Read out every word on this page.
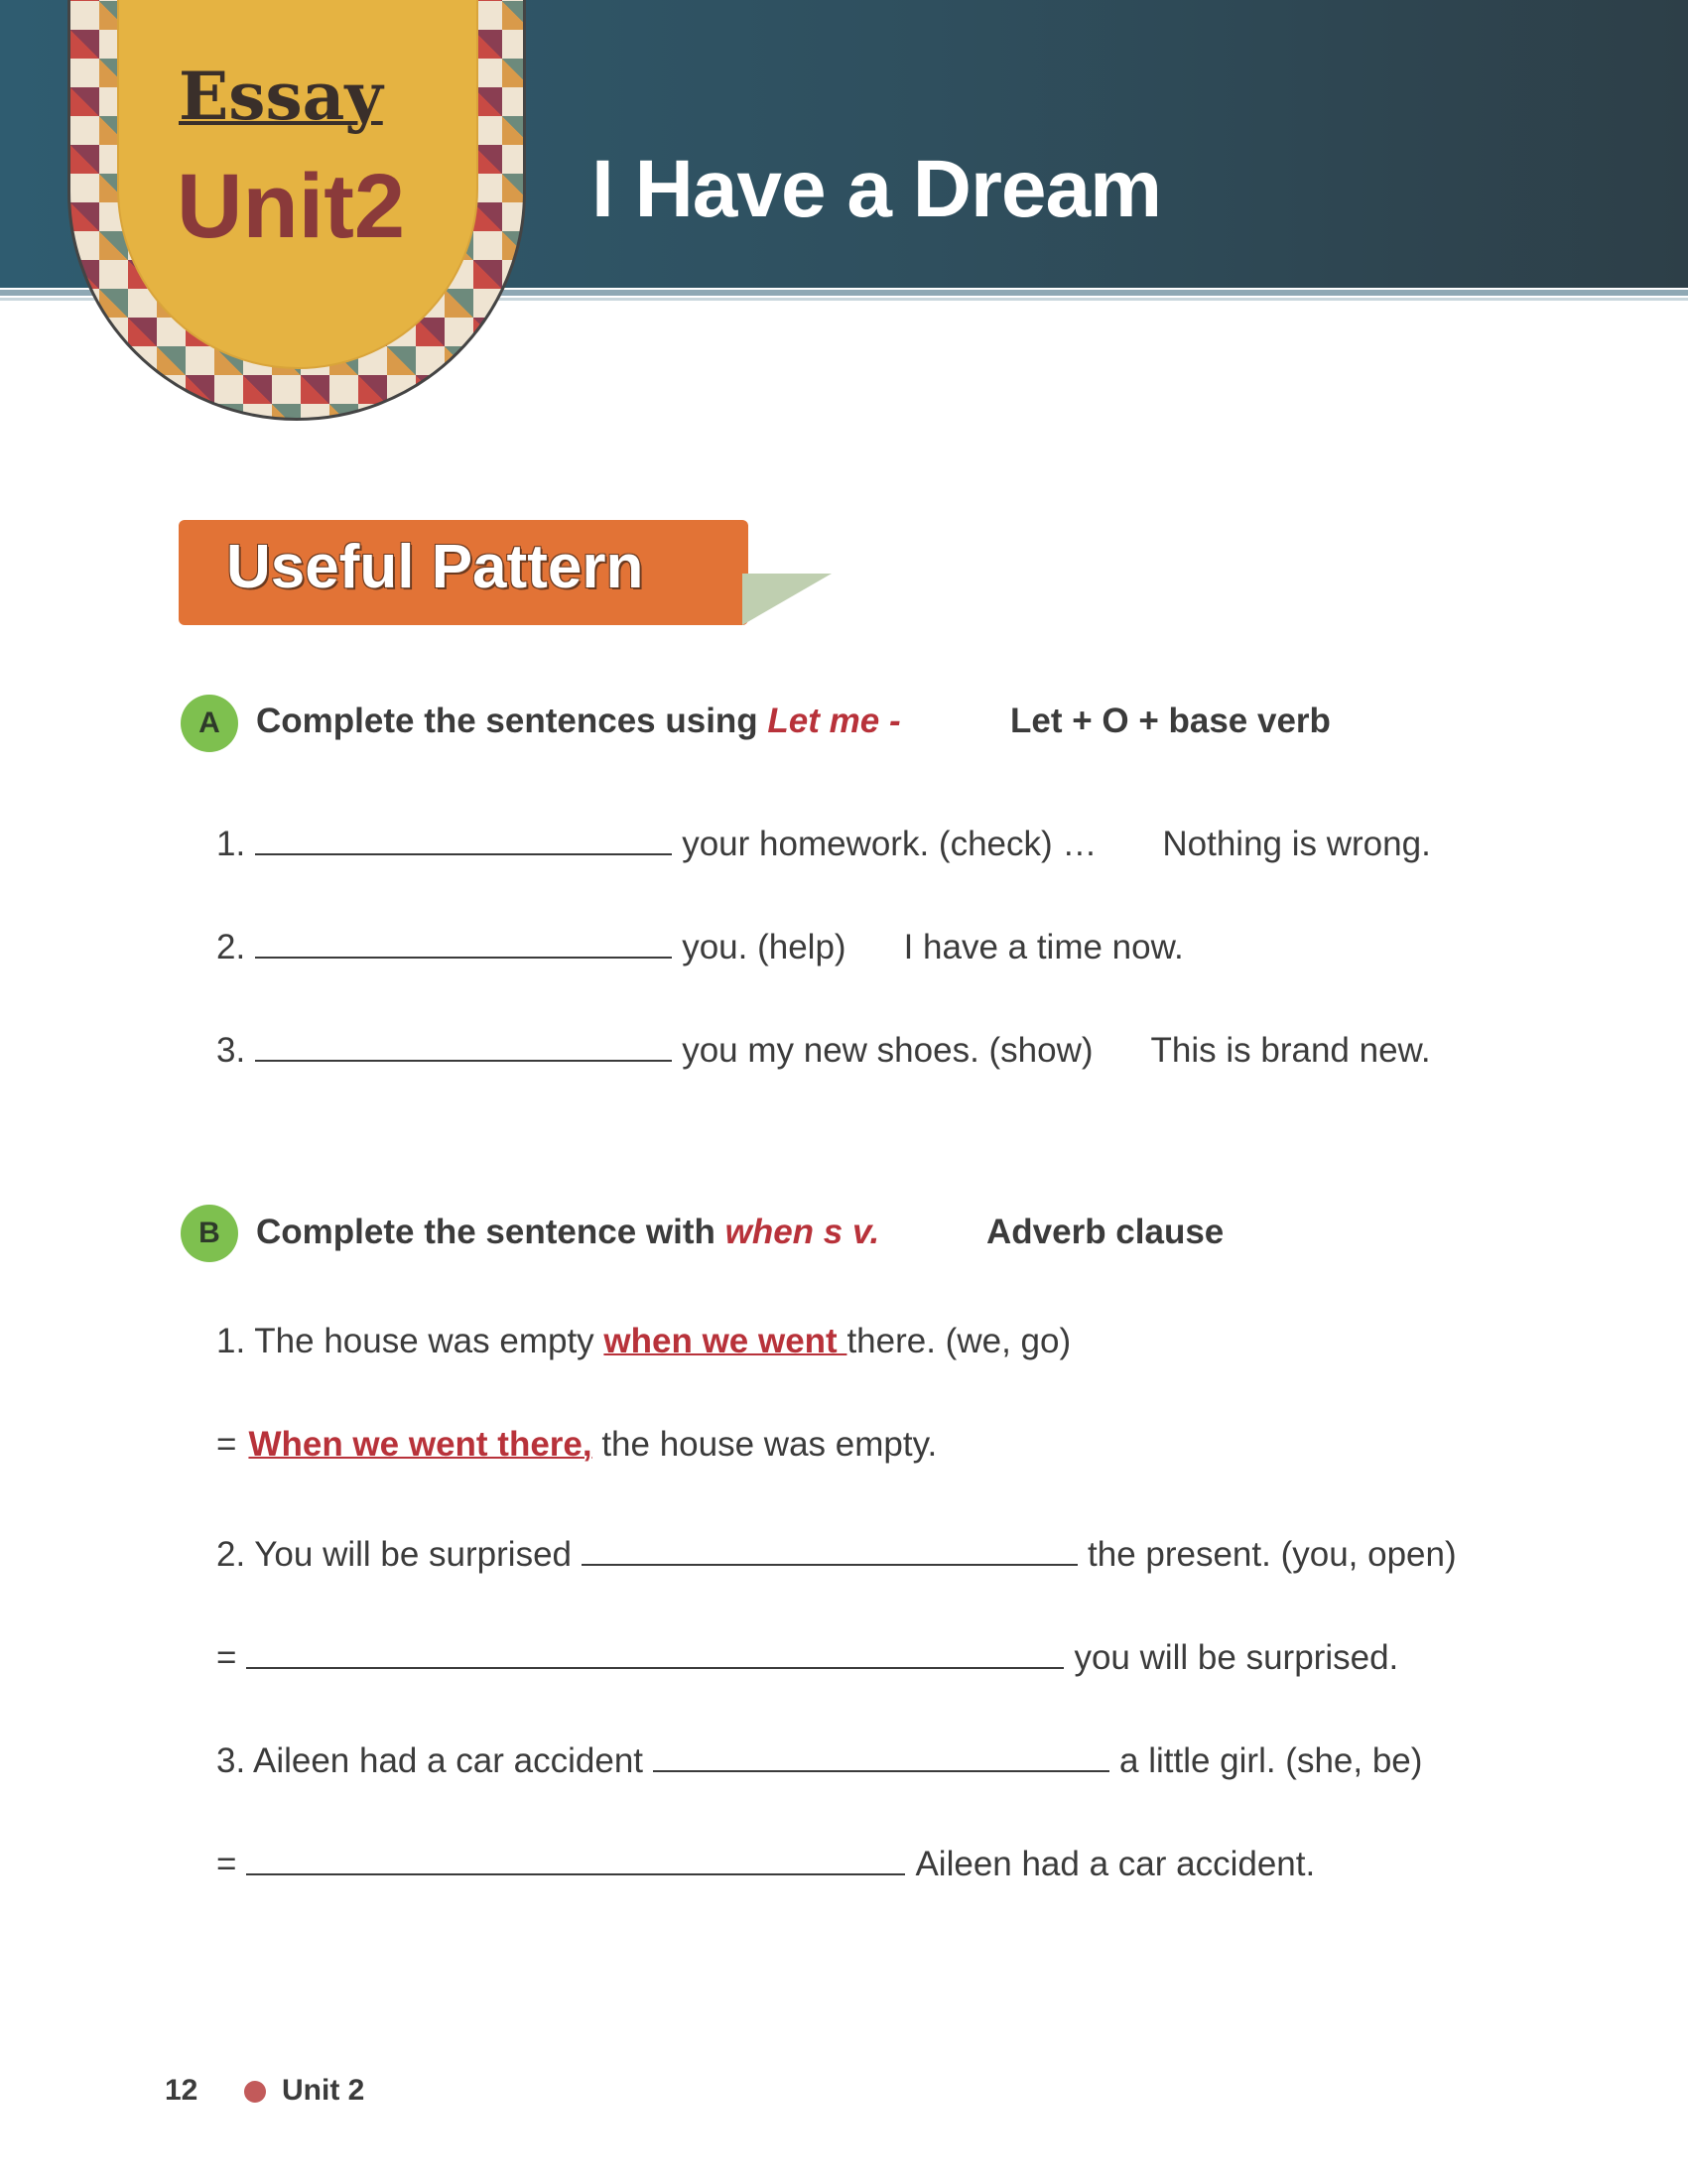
Essay
Unit2 I Have a Dream
Useful Pattern
A	Complete the sentences using Let me -	Let + O + base verb
1.	your homework. (check) … Nothing is wrong.
2.	you. (help) I have a time now.
3.	you my new shoes. (show) This is brand new.
B	Complete the sentence with when s v.	Adverb clause
1. The house was empty when we went there. (we, go)
= When we went there, the house was empty.
2. You will be surprised	the present. (you, open)
=	you will be surprised.
3. Aileen had a car accident	a little girl. (she, be)
=	Aileen had a car accident.
12	Unit 2
